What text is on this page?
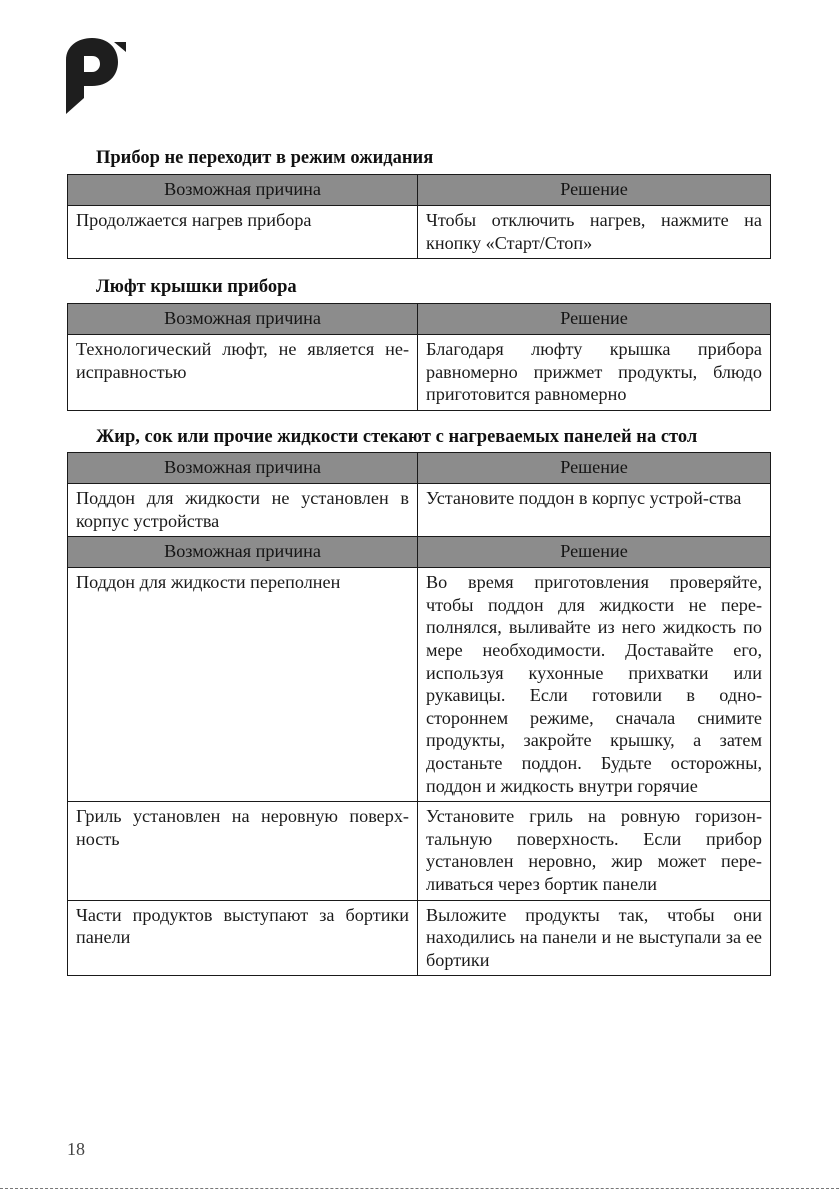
Прибор не переходит в режим ожидания
Возможная причина	Решение
Продолжается нагрев прибора	Чтобы отключить нагрев, нажмите на кнопку «Старт/Стоп»
Люфт крышки прибора
Возможная причина	Решение
Технологический люфт, не является не-исправностью	Благодаря люфту крышка прибора равномерно прижмет продукты, блюдо приготовится равномерно
Жир, сок или прочие жидкости стекают с нагреваемых панелей на стол
Возможная причина	Решение
Поддон для жидкости не установлен в корпус устройства	Установите поддон в корпус устрой-ства
Возможная причина	Решение
Поддон для жидкости переполнен	Во время приготовления проверяйте, чтобы поддон для жидкости не пере-полнялся, выливайте из него жидкость по мере необходимости. Доставайте его, используя кухонные прихватки или рукавицы. Если готовили в одно-стороннем режиме, сначала снимите продукты, закройте крышку, а затем достаньте поддон. Будьте осторожны, поддон и жидкость внутри горячие
Гриль установлен на неровную поверх-ность	Установите гриль на ровную горизон-тальную поверхность. Если прибор установлен неровно, жир может пере-ливаться через бортик панели
Части продуктов выступают за бортики панели	Выложите продукты так, чтобы они находились на панели и не выступали за ее бортики
18
